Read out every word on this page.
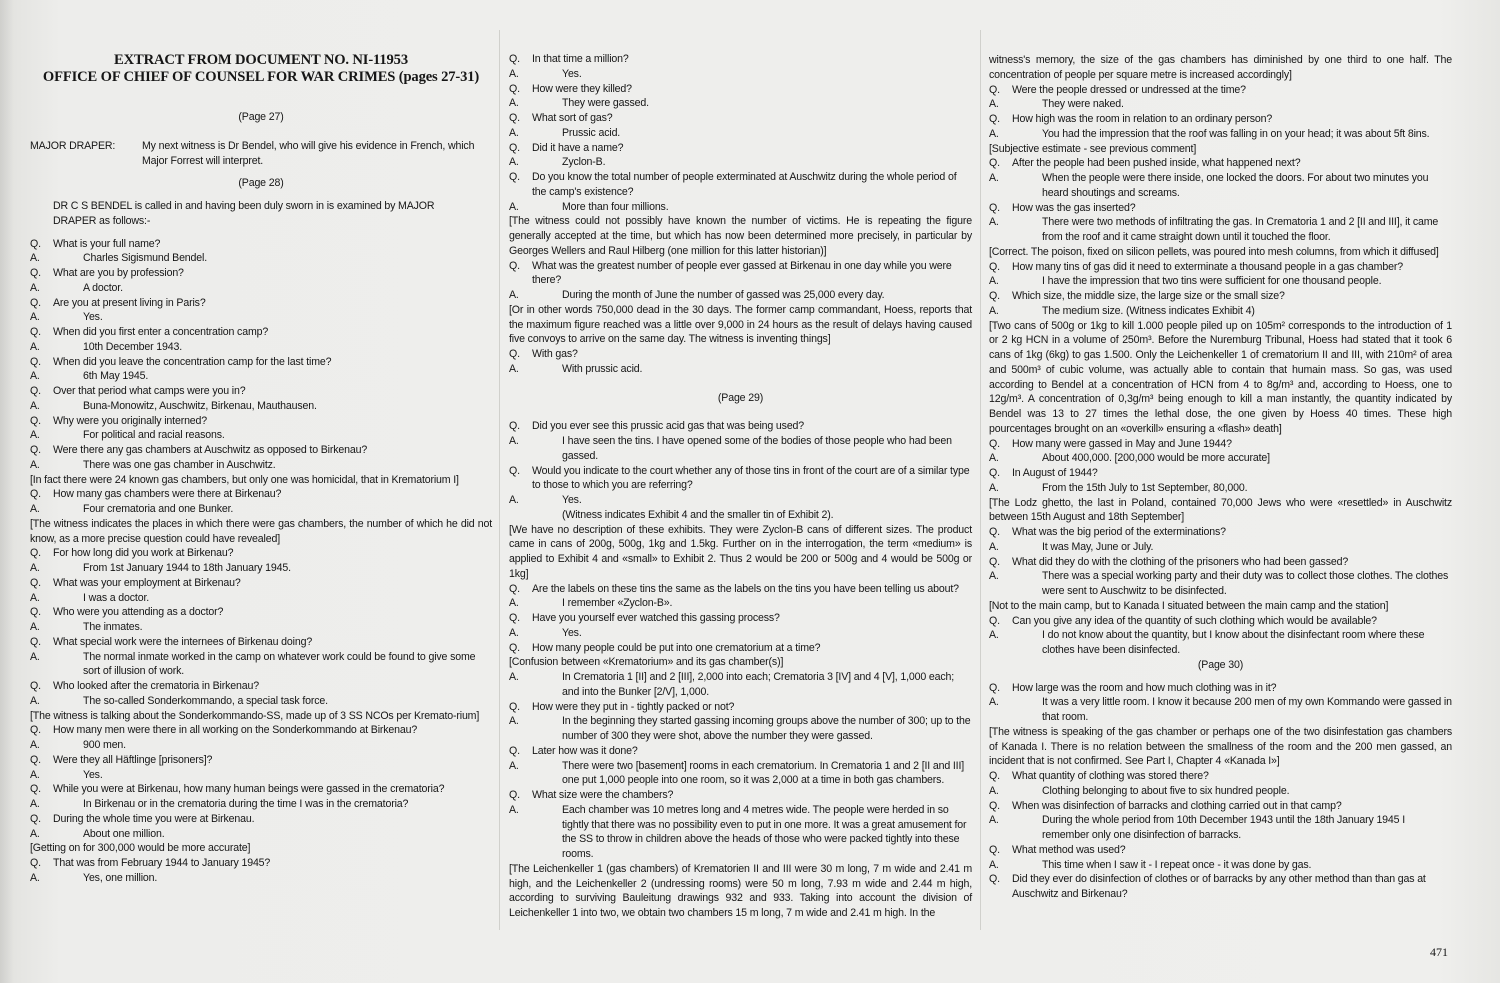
EXTRACT FROM DOCUMENT NO. NI-11953

OFFICE OF CHIEF OF COUNSEL FOR WAR CRIMES (pages 27-31)

(Page 27)
MAJOR DRAPER:	My next witness is Dr Bendel, who will give his evidence in French, which Major Forrest will interpret.
(Page 28)
DR C S BENDEL is called in and having been duly sworn in is examined by MAJOR DRAPER as follows:-
Q.	What is your full name?
A.	Charles Sigismund Bendel.
Q.	What are you by profession?
A.	A doctor.
Q.	Are you at present living in Paris?
A.	Yes.
Q.	When did you first enter a concentration camp?
A.	10th December 1943.
Q.	When did you leave the concentration camp for the last time?
A.	6th May 1945.
Q.	Over that period what camps were you in?
A.	Buna-Monowitz, Auschwitz, Birkenau, Mauthausen.
Q.	Why were you originally interned?
A.	For political and racial reasons.
Q.	Were there any gas chambers at Auschwitz as opposed to Birkenau?
A.	There was one gas chamber in Auschwitz.
[In fact there were 24 known gas chambers, but only one was homicidal, that in Krematorium I]
Q.	How many gas chambers were there at Birkenau?
A.	Four crematoria and one Bunker.
[The witness indicates the places in which there were gas chambers, the number of which he did not know, as a more precise question could have revealed]
Q.	For how long did you work at Birkenau?
A.	From 1st January 1944 to 18th January 1945.
Q.	What was your employment at Birkenau?
A.	I was a doctor.
Q.	Who were you attending as a doctor?
A.	The inmates.
Q.	What special work were the internees of Birkenau doing?
A.	The normal inmate worked in the camp on whatever work could be found to give some sort of illusion of work.
Q.	Who looked after the crematoria in Birkenau?
A.	The so-called Sonderkommando, a special task force.
[The witness is talking about the Sonderkommando-SS, made up of 3 SS NCOs per Kremato-rium]
Q.	How many men were there in all working on the Sonderkommando at Birkenau?
A.	900 men.
Q.	Were they all Häftlinge [prisoners]?
A.	Yes.
Q.	While you were at Birkenau, how many human beings were gassed in the crematoria?
A.	In Birkenau or in the crematoria during the time I was in the crematoria?
Q.	During the whole time you were at Birkenau.
A.	About one million.
[Getting on for 300,000 would be more accurate]
Q.	That was from February 1944 to January 1945?
A.	Yes, one million.
Q.	In that time a million?
A.	Yes.
Q.	How were they killed?
A.	They were gassed.
Q.	What sort of gas?
A.	Prussic acid.
Q.	Did it have a name?
A.	Zyclon-B.
Q.	Do you know the total number of people exterminated at Auschwitz during the whole period of the camp's existence?
A.	More than four millions.
[The witness could not possibly have known the number of victims. He is repeating the figure generally accepted at the time, but which has now been determined more precisely, in particular by Georges Wellers and Raul Hilberg (one million for this latter historian)]
Q.	What was the greatest number of people ever gassed at Birkenau in one day while you were there?
A.	During the month of June the number of gassed was 25,000 every day.
[Or in other words 750,000 dead in the 30 days. The former camp commandant, Hoess, reports that the maximum figure reached was a little over 9,000 in 24 hours as the result of delays having caused five convoys to arrive on the same day. The witness is inventing things]
Q.	With gas?
A.	With prussic acid.
(Page 29)
Q.	Did you ever see this prussic acid gas that was being used?
A.	I have seen the tins. I have opened some of the bodies of those people who had been gassed.
Q.	Would you indicate to the court whether any of those tins in front of the court are of a similar type to those to which you are referring?
A.	Yes.
(Witness indicates Exhibit 4 and the smaller tin of Exhibit 2).
[We have no description of these exhibits. They were Zyclon-B cans of different sizes. The product came in cans of 200g, 500g, 1kg and 1.5kg. Further on in the interrogation, the term «medium» is applied to Exhibit 4 and «small» to Exhibit 2. Thus 2 would be 200 or 500g and 4 would be 500g or 1kg]
Q.	Are the labels on these tins the same as the labels on the tins you have been telling us about?
A.	I remember «Zyclon-B».
Q.	Have you yourself ever watched this gassing process?
A.	Yes.
Q.	How many people could be put into one crematorium at a time?
[Confusion between «Krematorium» and its gas chamber(s)]
A.	In Crematoria 1 [II] and 2 [III], 2,000 into each; Crematoria 3 [IV] and 4 [V], 1,000 each; and into the Bunker [2/V], 1,000.
Q.	How were they put in - tightly packed or not?
A.	In the beginning they started gassing incoming groups above the number of 300; up to the number of 300 they were shot, above the number they were gassed.
Q.	Later how was it done?
A.	There were two [basement] rooms in each crematorium. In Crematoria 1 and 2 [II and III] one put 1,000 people into one room, so it was 2,000 at a time in both gas chambers.
Q.	What size were the chambers?
A.	Each chamber was 10 metres long and 4 metres wide. The people were herded in so tightly that there was no possibility even to put in one more. It was a great amusement for the SS to throw in children above the heads of those who were packed tightly into these rooms.
[The Leichenkeller 1 (gas chambers) of Krematorien II and III were 30 m long, 7 m wide and 2.41 m high, and the Leichenkeller 2 (undressing rooms) were 50 m long, 7.93 m wide and 2.44 m high, according to surviving Bauleitung drawings 932 and 933. Taking into account the division of Leichenkeller 1 into two, we obtain two chambers 15 m long, 7 m wide and 2.41 m high. In the
witness's memory, the size of the gas chambers has diminished by one third to one half. The concentration of people per square metre is increased accordingly]
Q.	Were the people dressed or undressed at the time?
A.	They were naked.
Q.	How high was the room in relation to an ordinary person?
A.	You had the impression that the roof was falling in on your head; it was about 5ft 8ins.
[Subjective estimate - see previous comment]
Q.	After the people had been pushed inside, what happened next?
A.	When the people were there inside, one locked the doors. For about two minutes you heard shoutings and screams.
Q.	How was the gas inserted?
A.	There were two methods of infiltrating the gas. In Crematoria 1 and 2 [II and III], it came from the roof and it came straight down until it touched the floor.
[Correct. The poison, fixed on silicon pellets, was poured into mesh columns, from which it diffused]
Q.	How many tins of gas did it need to exterminate a thousand people in a gas chamber?
A.	I have the impression that two tins were sufficient for one thousand people.
Q.	Which size, the middle size, the large size or the small size?
A.	The medium size. (Witness indicates Exhibit 4)
[Two cans of 500g or 1kg to kill 1.000 people piled up on 105m² corresponds to the introduction of 1 or 2 kg HCN in a volume of 250m³. Before the Nuremburg Tribunal, Hoess had stated that it took 6 cans of 1kg (6kg) to gas 1.500. Only the Leichenkeller 1 of crematorium II and III, with 210m² of area and 500m³ of cubic volume, was actually able to contain that humain mass. So gas, was used according to Bendel at a concentration of HCN from 4 to 8g/m³ and, according to Hoess, one to 12g/m³. A concentration of 0,3g/m³ being enough to kill a man instantly, the quantity indicated by Bendel was 13 to 27 times the lethal dose, the one given by Hoess 40 times. These high pourcentages brought on an «overkill» ensuring a «flash» death]
Q.	How many were gassed in May and June 1944?
A.	About 400,000. [200,000 would be more accurate]
Q.	In August of 1944?
A.	From the 15th July to 1st September, 80,000.
[The Lodz ghetto, the last in Poland, contained 70,000 Jews who were «resettled» in Auschwitz between 15th August and 18th September]
Q.	What was the big period of the exterminations?
A.	It was May, June or July.
Q.	What did they do with the clothing of the prisoners who had been gassed?
A.	There was a special working party and their duty was to collect those clothes. The clothes were sent to Auschwitz to be disinfected.
[Not to the main camp, but to Kanada I situated between the main camp and the station]
Q.	Can you give any idea of the quantity of such clothing which would be available?
A.	I do not know about the quantity, but I know about the disinfectant room where these clothes have been disinfected.
(Page 30)
Q.	How large was the room and how much clothing was in it?
A.	It was a very little room. I know it because 200 men of my own Kommando were gassed in that room.
[The witness is speaking of the gas chamber or perhaps one of the two disinfestation gas chambers of Kanada I. There is no relation between the smallness of the room and the 200 men gassed, an incident that is not confirmed. See Part I, Chapter 4 «Kanada I»]
Q.	What quantity of clothing was stored there?
A.	Clothing belonging to about five to six hundred people.
Q.	When was disinfection of barracks and clothing carried out in that camp?
A.	During the whole period from 10th December 1943 until the 18th January 1945 I remember only one disinfection of barracks.
Q.	What method was used?
A.	This time when I saw it - I repeat once - it was done by gas.
Q.	Did they ever do disinfection of clothes or of barracks by any other method than than gas at Auschwitz and Birkenau?
471
